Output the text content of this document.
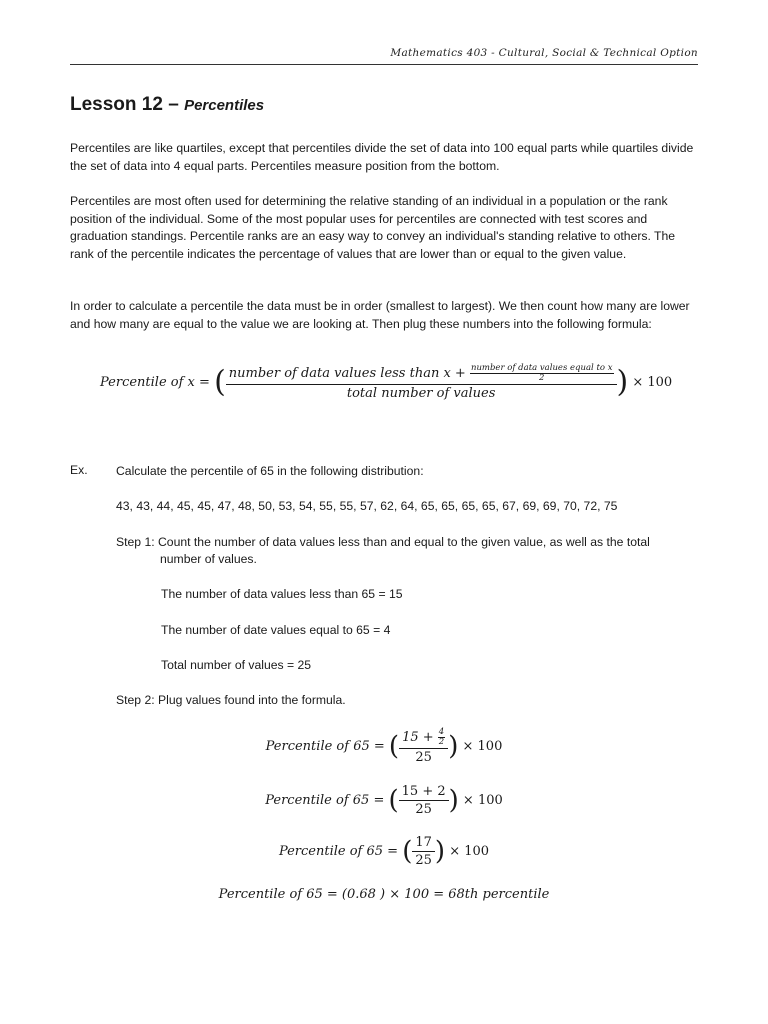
Mathematics 403 - Cultural, Social & Technical Option
Lesson 12 – Percentiles

Percentiles are like quartiles, except that percentiles divide the set of data into 100 equal parts while quartiles divide the set of data into 4 equal parts. Percentiles measure position from the bottom.

Percentiles are most often used for determining the relative standing of an individual in a population or the rank position of the individual. Some of the most popular uses for percentiles are connected with test scores and graduation standings. Percentile ranks are an easy way to convey an individual's standing relative to others. The rank of the percentile indicates the percentage of values that are lower than or equal to the given value.

In order to calculate a percentile the data must be in order (smallest to largest). We then count how many are lower and how many are equal to the value we are looking at. Then plug these numbers into the following formula:

Percentile of x = ( number of data values less than $x + \frac{\text{number of data values equal to x}}{2}$
total number of values	) × 100
Ex. Calculate the percentile of 65 in the following distribution:
43, 43, 44, 45, 45, 47, 48, 50, 53, 54, 55, 55, 57, 62, 64, 65, 65, 65, 65, 67, 69, 69, 70, 72, 75
Step 1: Count the number of data values less than and equal to the given value, as well as the total
number of values.
The number of data values less than 65 = 15
The number of date values equal to 65 = 4
Total number of values = 25
Step 2: Plug values found into the formula.
Percentile of 65 = ( $\frac{15 + \frac{4}{2}}{25}$ ) × 100
Percentile of 65 = ( $\frac{15 + 2}{25}$ ) × 100
Percentile of 65 = ( $\frac{17}{25}$ ) × 100
Percentile of 65 = (0.68 ) × 100 = 68th percentile
